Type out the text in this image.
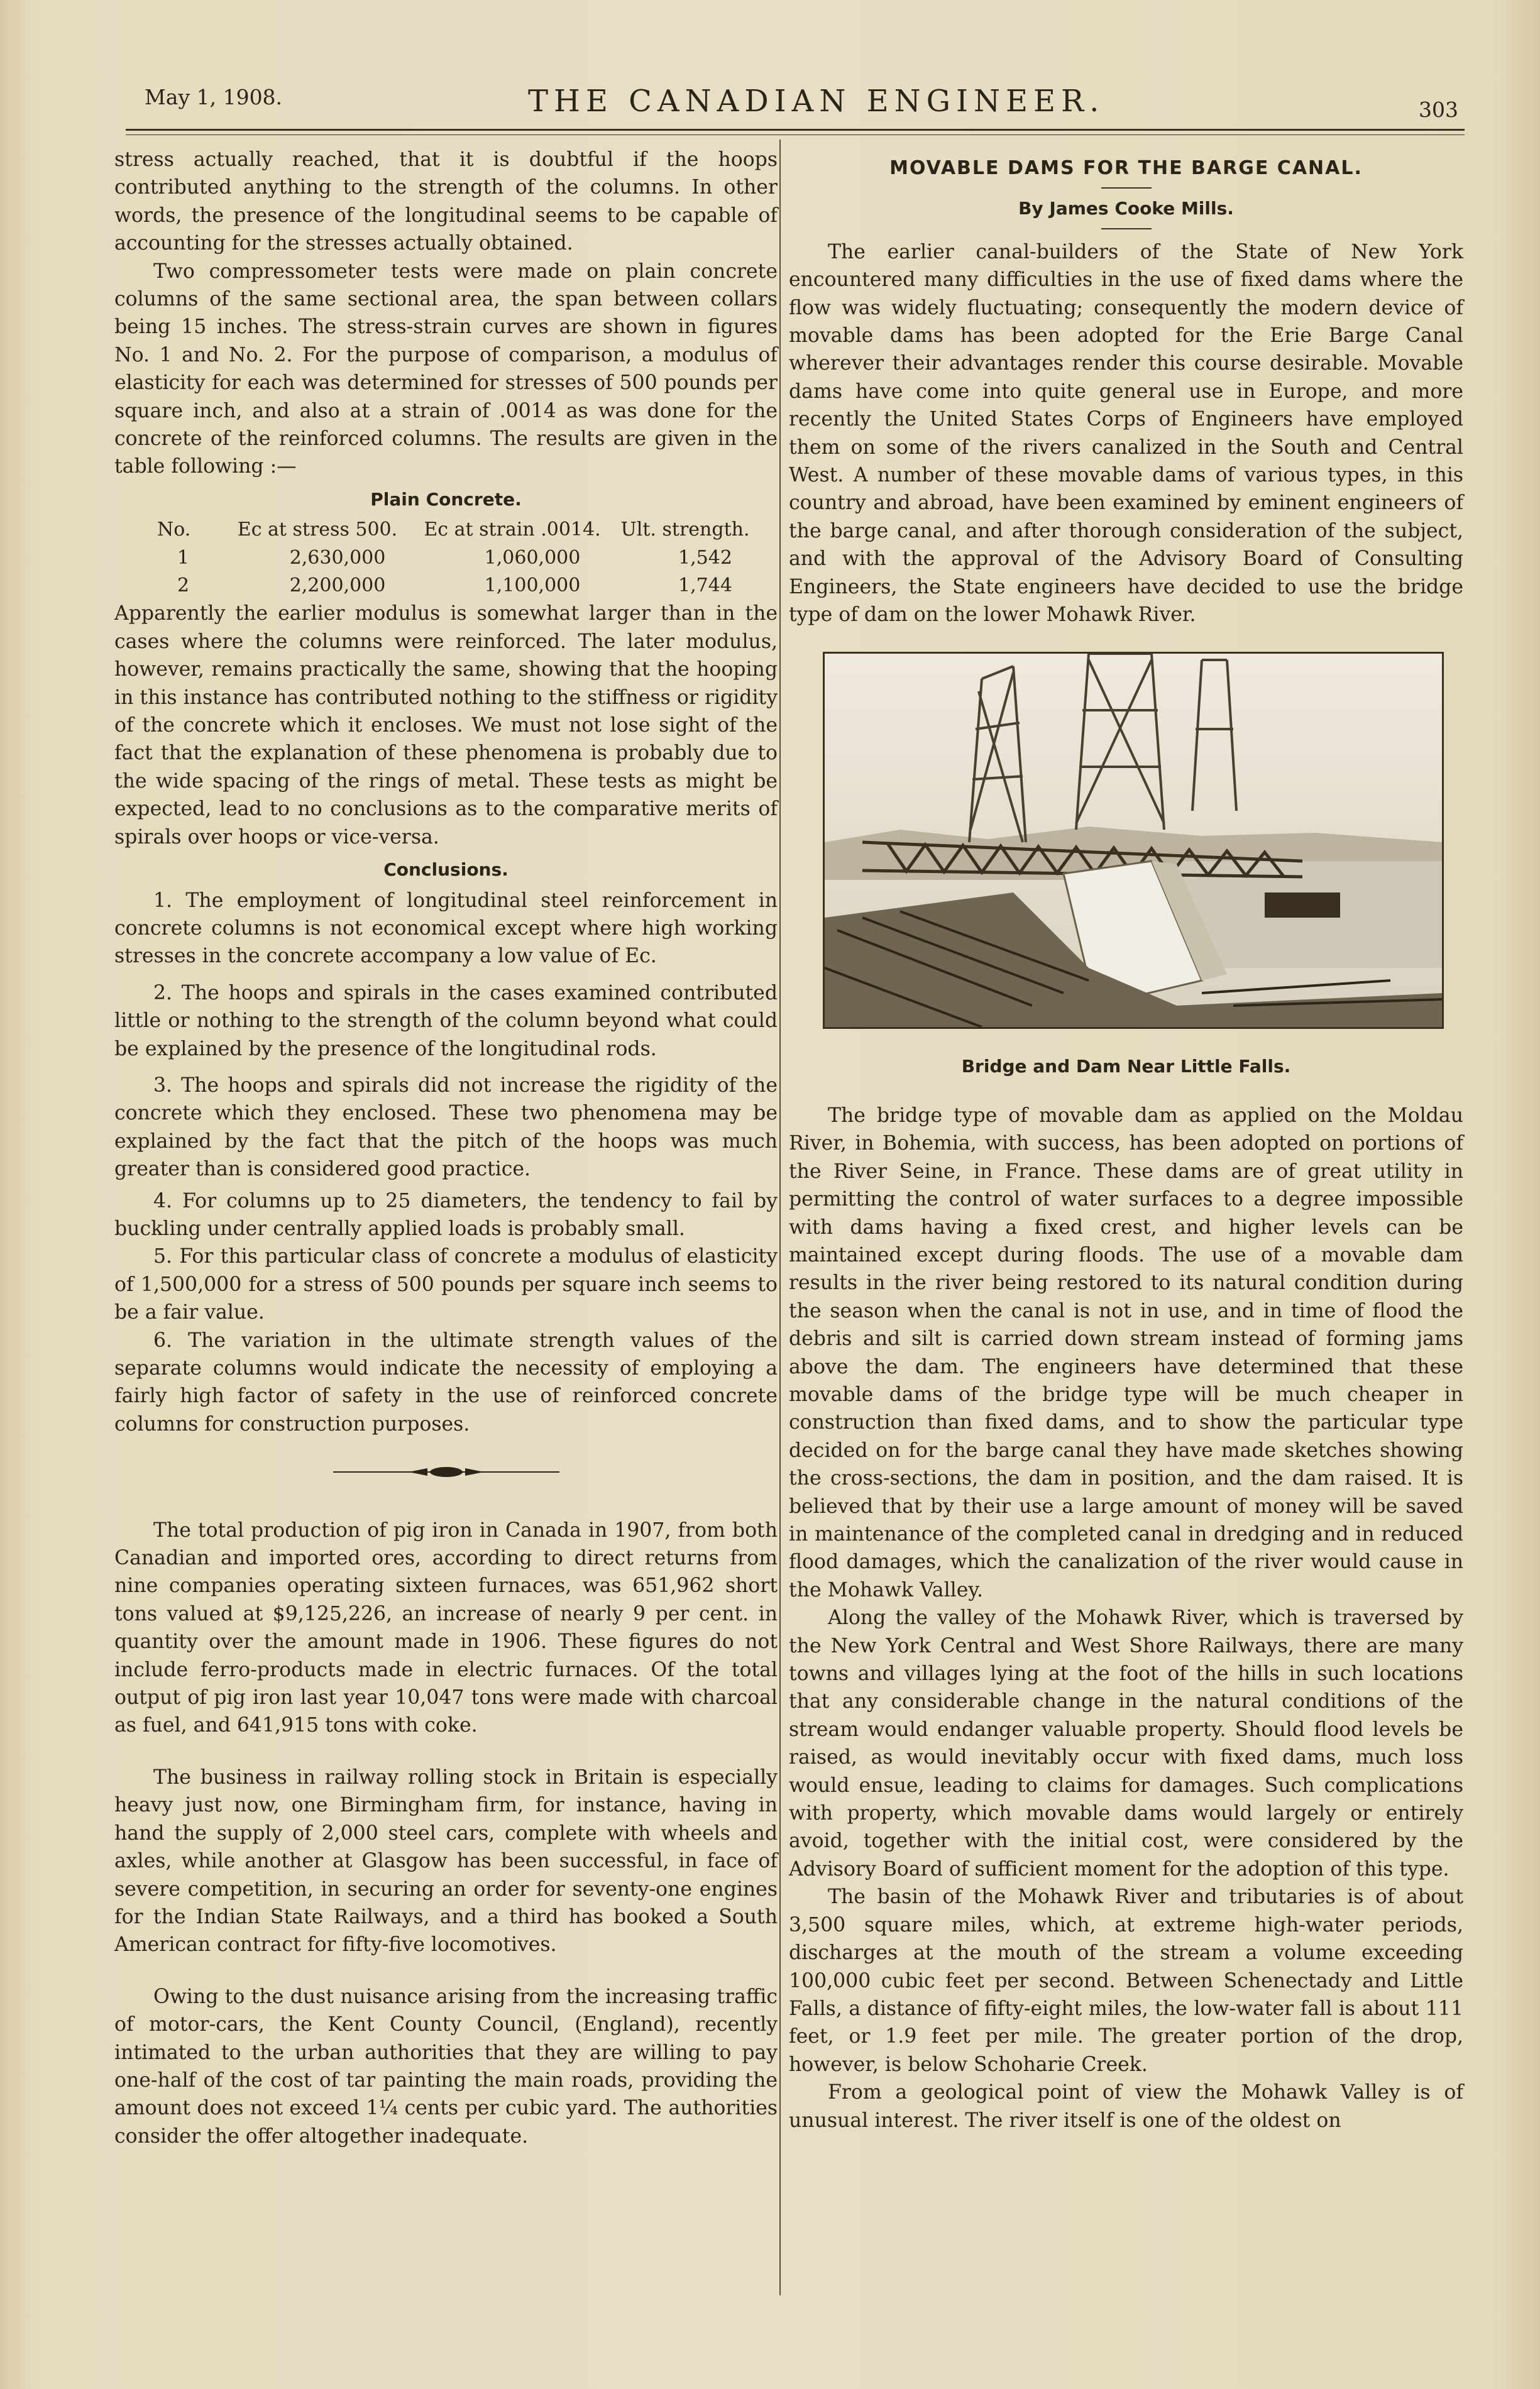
May 1, 1908.	THE CANADIAN ENGINEER.	303

stress actually reached, that it is doubtful if the hoops contributed anything to the strength of the columns. In other words, the presence of the longitudinal seems to be capable of accounting for the stresses actually obtained.

Two compressometer tests were made on plain concrete columns of the same sectional area, the span between collars being 15 inches. The stress-strain curves are shown in figures No. 1 and No. 2. For the purpose of comparison, a modulus of elasticity for each was determined for stresses of 500 pounds per square inch, and also at a strain of .0014 as was done for the concrete of the reinforced columns. The results are given in the table following :—

Plain Concrete.
No.	Ec at stress 500.	Ec at strain .0014.	Ult. strength.
1	2,630,000	1,060,000	1,542
2	2,200,000	1,100,000	1,744

Apparently the earlier modulus is somewhat larger than in the cases where the columns were reinforced. The later modulus, however, remains practically the same, showing that the hooping in this instance has contributed nothing to the stiffness or rigidity of the concrete which it encloses. We must not lose sight of the fact that the explanation of these phenomena is probably due to the wide spacing of the rings of metal. These tests as might be expected, lead to no conclusions as to the comparative merits of spirals over hoops or vice-versa.

Conclusions.

1. The employment of longitudinal steel reinforcement in concrete columns is not economical except where high working stresses in the concrete accompany a low value of Ec.

2. The hoops and spirals in the cases examined contributed little or nothing to the strength of the column beyond what could be explained by the presence of the longitudinal rods.

3. The hoops and spirals did not increase the rigidity of the concrete which they enclosed. These two phenomena may be explained by the fact that the pitch of the hoops was much greater than is considered good practice.

4. For columns up to 25 diameters, the tendency to fail by buckling under centrally applied loads is probably small.

5. For this particular class of concrete a modulus of elasticity of 1,500,000 for a stress of 500 pounds per square inch seems to be a fair value.

6. The variation in the ultimate strength values of the separate columns would indicate the necessity of employing a fairly high factor of safety in the use of reinforced concrete columns for construction purposes.

The total production of pig iron in Canada in 1907, from both Canadian and imported ores, according to direct returns from nine companies operating sixteen furnaces, was 651,962 short tons valued at $9,125,226, an increase of nearly 9 per cent. in quantity over the amount made in 1906. These figures do not include ferro-products made in electric furnaces. Of the total output of pig iron last year 10,047 tons were made with charcoal as fuel, and 641,915 tons with coke.

The business in railway rolling stock in Britain is especially heavy just now, one Birmingham firm, for instance, having in hand the supply of 2,000 steel cars, complete with wheels and axles, while another at Glasgow has been successful, in face of severe competition, in securing an order for seventy-one engines for the Indian State Railways, and a third has booked a South American contract for fifty-five locomotives.

Owing to the dust nuisance arising from the increasing traffic of motor-cars, the Kent County Council, (England), recently intimated to the urban authorities that they are willing to pay one-half of the cost of tar painting the main roads, providing the amount does not exceed 1¼ cents per cubic yard. The authorities consider the offer altogether inadequate.

MOVABLE DAMS FOR THE BARGE CANAL.
By James Cooke Mills.

The earlier canal-builders of the State of New York encountered many difficulties in the use of fixed dams where the flow was widely fluctuating; consequently the modern device of movable dams has been adopted for the Erie Barge Canal wherever their advantages render this course desirable. Movable dams have come into quite general use in Europe, and more recently the United States Corps of Engineers have employed them on some of the rivers canalized in the South and Central West. A number of these movable dams of various types, in this country and abroad, have been examined by eminent engineers of the barge canal, and after thorough consideration of the subject, and with the approval of the Advisory Board of Consulting Engineers, the State engineers have decided to use the bridge type of dam on the lower Mohawk River.

Bridge and Dam Near Little Falls.

The bridge type of movable dam as applied on the Moldau River, in Bohemia, with success, has been adopted on portions of the River Seine, in France. These dams are of great utility in permitting the control of water surfaces to a degree impossible with dams having a fixed crest, and higher levels can be maintained except during floods. The use of a movable dam results in the river being restored to its natural condition during the season when the canal is not in use, and in time of flood the debris and silt is carried down stream instead of forming jams above the dam. The engineers have determined that these movable dams of the bridge type will be much cheaper in construction than fixed dams, and to show the particular type decided on for the barge canal they have made sketches showing the cross-sections, the dam in position, and the dam raised. It is believed that by their use a large amount of money will be saved in maintenance of the completed canal in dredging and in reduced flood damages, which the canalization of the river would cause in the Mohawk Valley.

Along the valley of the Mohawk River, which is traversed by the New York Central and West Shore Railways, there are many towns and villages lying at the foot of the hills in such locations that any considerable change in the natural conditions of the stream would endanger valuable property. Should flood levels be raised, as would inevitably occur with fixed dams, much loss would ensue, leading to claims for damages. Such complications with property, which movable dams would largely or entirely avoid, together with the initial cost, were considered by the Advisory Board of sufficient moment for the adoption of this type.

The basin of the Mohawk River and tributaries is of about 3,500 square miles, which, at extreme high-water periods, discharges at the mouth of the stream a volume exceeding 100,000 cubic feet per second. Between Schenectady and Little Falls, a distance of fifty-eight miles, the low-water fall is about 111 feet, or 1.9 feet per mile. The greater portion of the drop, however, is below Schoharie Creek.

From a geological point of view the Mohawk Valley is of unusual interest. The river itself is one of the oldest on
